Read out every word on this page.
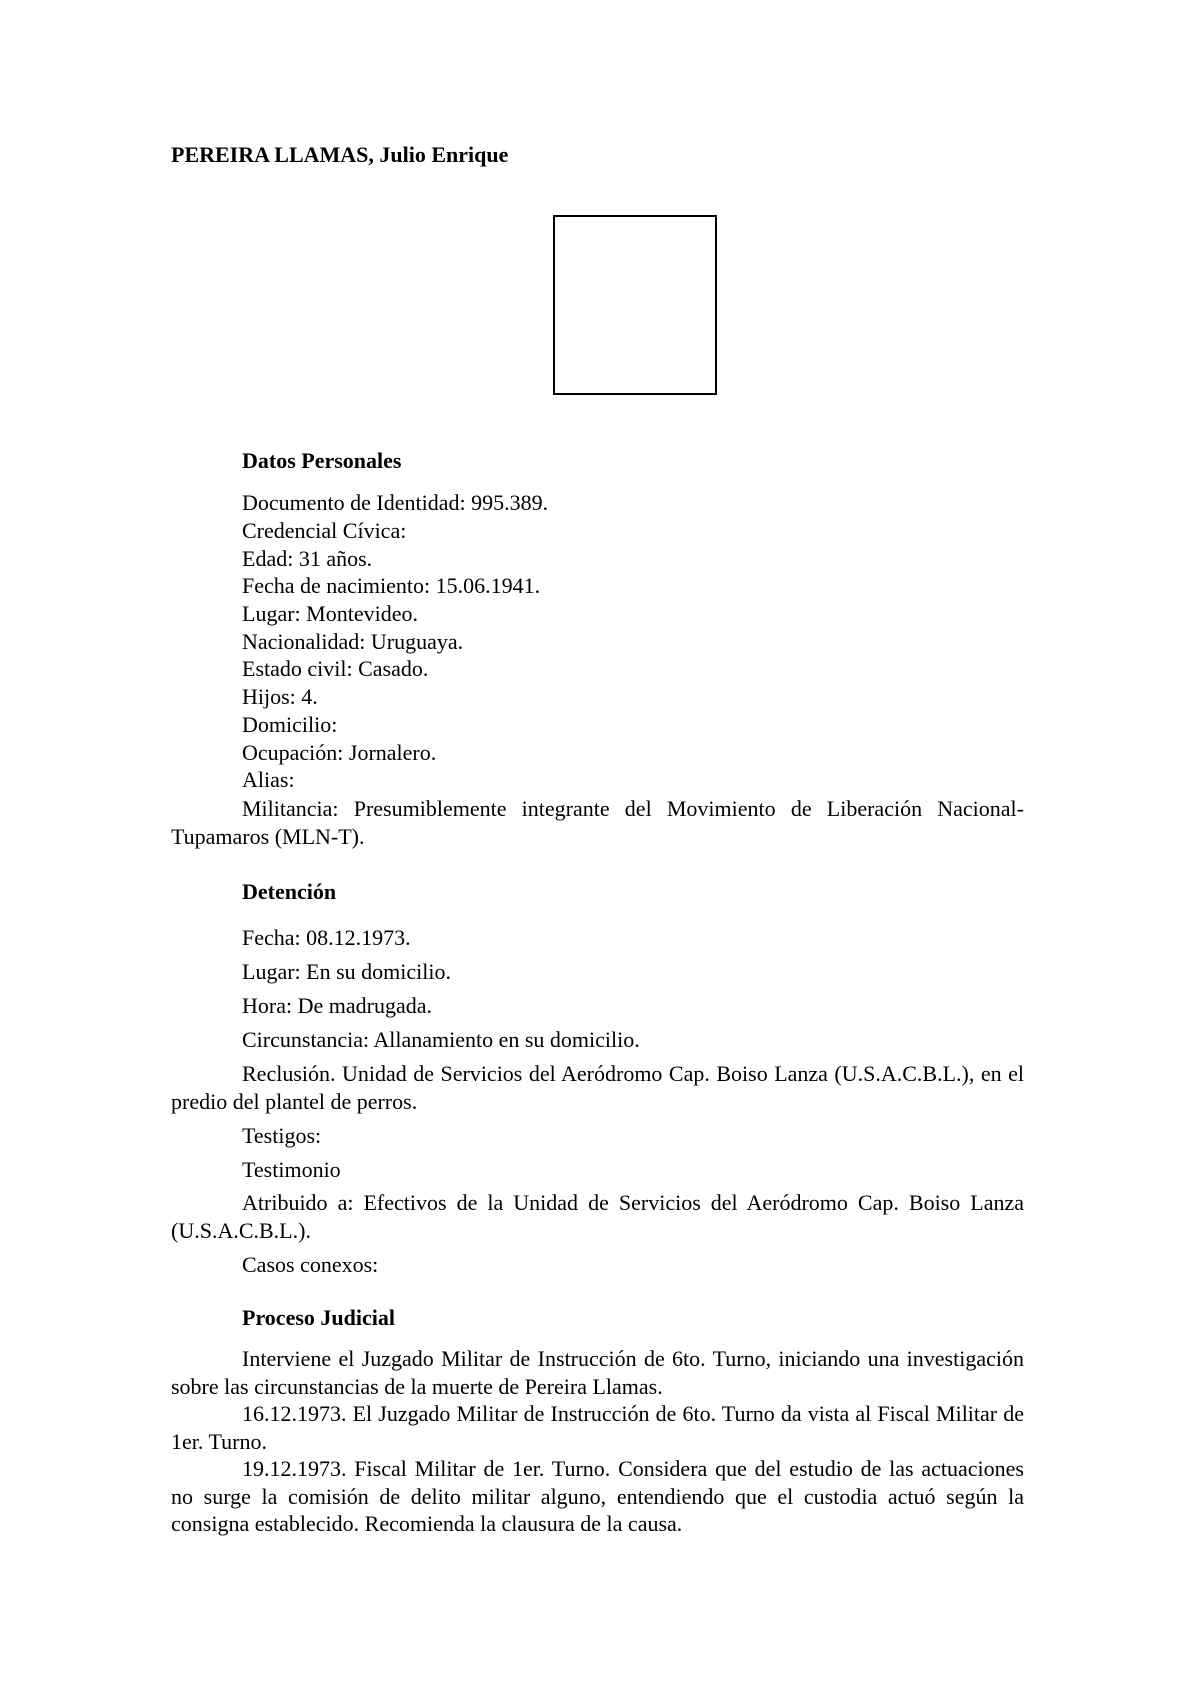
PEREIRA LLAMAS, Julio Enrique
Datos Personales
Documento de Identidad: 995.389.
Credencial Cívica:
Edad: 31 años.
Fecha de nacimiento: 15.06.1941.
Lugar: Montevideo.
Nacionalidad: Uruguaya.
Estado civil: Casado.
Hijos: 4.
Domicilio:
Ocupación: Jornalero.
Alias:
Militancia: Presumiblemente integrante del Movimiento de Liberación Nacional-Tupamaros (MLN-T).
Detención
Fecha: 08.12.1973.
Lugar: En su domicilio.
Hora: De madrugada.
Circunstancia: Allanamiento en su domicilio.
Reclusión. Unidad de Servicios del Aeródromo Cap. Boiso Lanza (U.S.A.C.B.L.), en el predio del plantel de perros.
Testigos:
Testimonio
Atribuido a: Efectivos de la Unidad de Servicios del Aeródromo Cap. Boiso Lanza (U.S.A.C.B.L.).
Casos conexos:
Proceso Judicial
Interviene el Juzgado Militar de Instrucción de 6to. Turno, iniciando una investigación sobre las circunstancias de la muerte de Pereira Llamas.
16.12.1973. El Juzgado Militar de Instrucción de 6to. Turno da vista al Fiscal Militar de 1er. Turno.
19.12.1973. Fiscal Militar de 1er. Turno. Considera que del estudio de las actuaciones no surge la comisión de delito militar alguno, entendiendo que el custodia actuó según la consigna establecido. Recomienda la clausura de la causa.
